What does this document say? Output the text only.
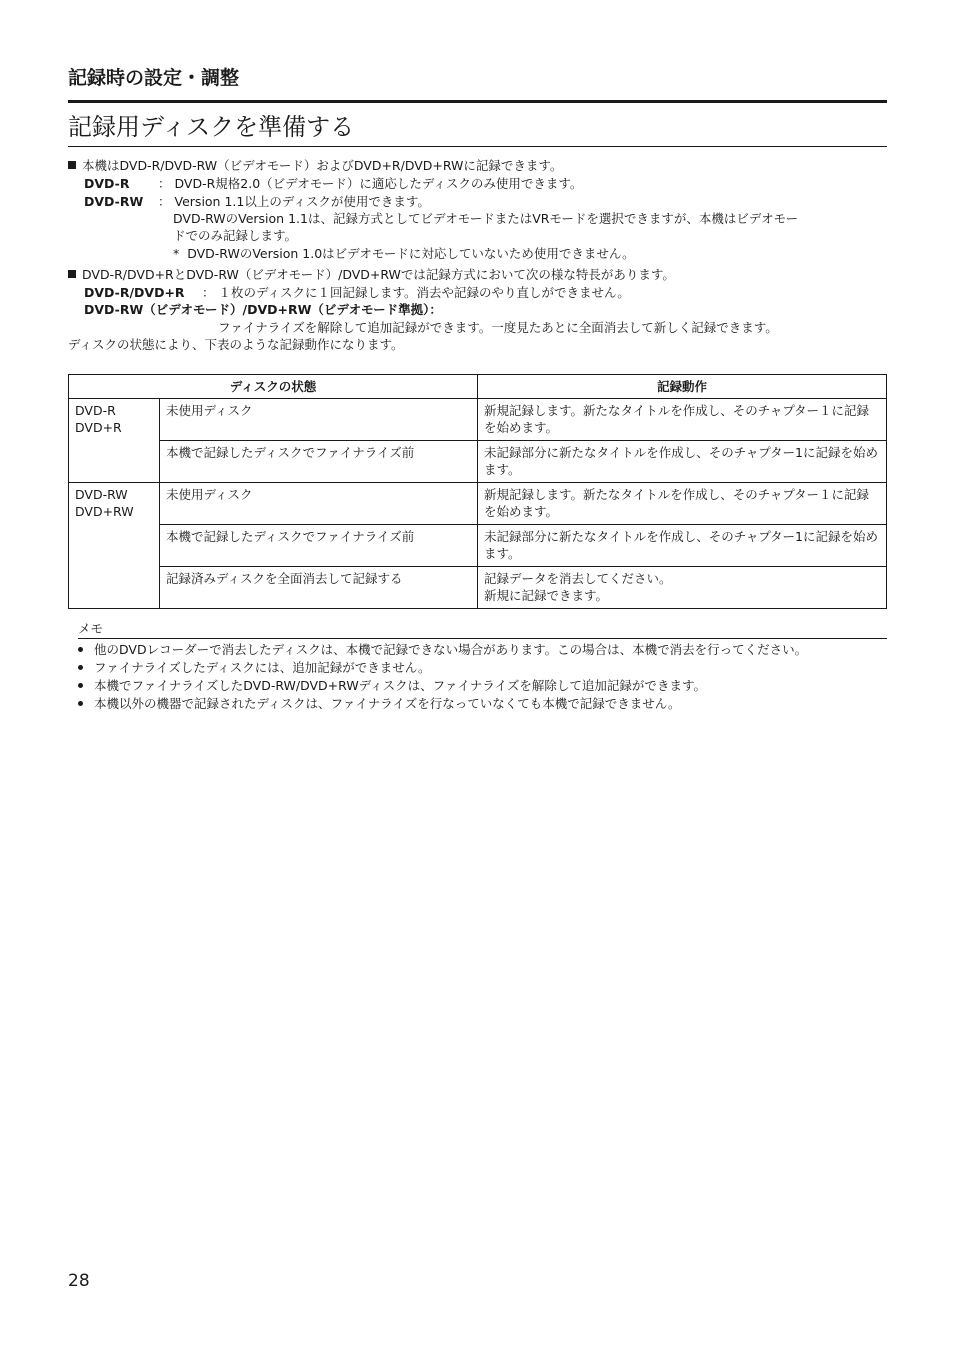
記録時の設定・調整
記録用ディスクを準備する
本機はDVD-R/DVD-RW（ビデオモード）およびDVD+R/DVD+RWに記録できます。
DVD-R ： DVD-R規格2.0（ビデオモード）に適応したディスクのみ使用できます。
DVD-RW ： Version 1.1以上のディスクが使用できます。
DVD-RWのVersion 1.1は、記録方式としてビデオモードまたはVRモードを選択できますが、本機はビデオモー
ドでのみ記録します。
*  DVD-RWのVersion 1.0はビデオモードに対応していないため使用できません。
DVD-R/DVD+RとDVD-RW（ビデオモード）/DVD+RWでは記録方式において次の様な特長があります。
DVD-R/DVD+R ： １枚のディスクに１回記録します。消去や記録のやり直しができません。
DVD-RW（ビデオモード）/DVD+RW（ビデオモード準拠）：
ファイナライズを解除して追加記録ができます。一度見たあとに全面消去して新しく記録できます。
ディスクの状態により、下表のような記録動作になります。
ディスクの状態		記録動作

DVD-R
DVD+R	未使用ディスク	新規記録します。新たなタイトルを作成し、そのチャプター１に記録を始めます。
	本機で記録したディスクでファイナライズ前	未記録部分に新たなタイトルを作成し、そのチャプター1に記録を始めます。

DVD-RW
DVD+RW	未使用ディスク	新規記録します。新たなタイトルを作成し、そのチャプター１に記録を始めます。
	本機で記録したディスクでファイナライズ前	未記録部分に新たなタイトルを作成し、そのチャプター1に記録を始めます。
	記録済みディスクを全面消去して記録する	記録データを消去してください。
新規に記録できます。
メモ
他のDVDレコーダーで消去したディスクは、本機で記録できない場合があります。この場合は、本機で消去を行ってください。
ファイナライズしたディスクには、追加記録ができません。
本機でファイナライズしたDVD-RW/DVD+RWディスクは、ファイナライズを解除して追加記録ができます。
本機以外の機器で記録されたディスクは、ファイナライズを行なっていなくても本機で記録できません。
28
